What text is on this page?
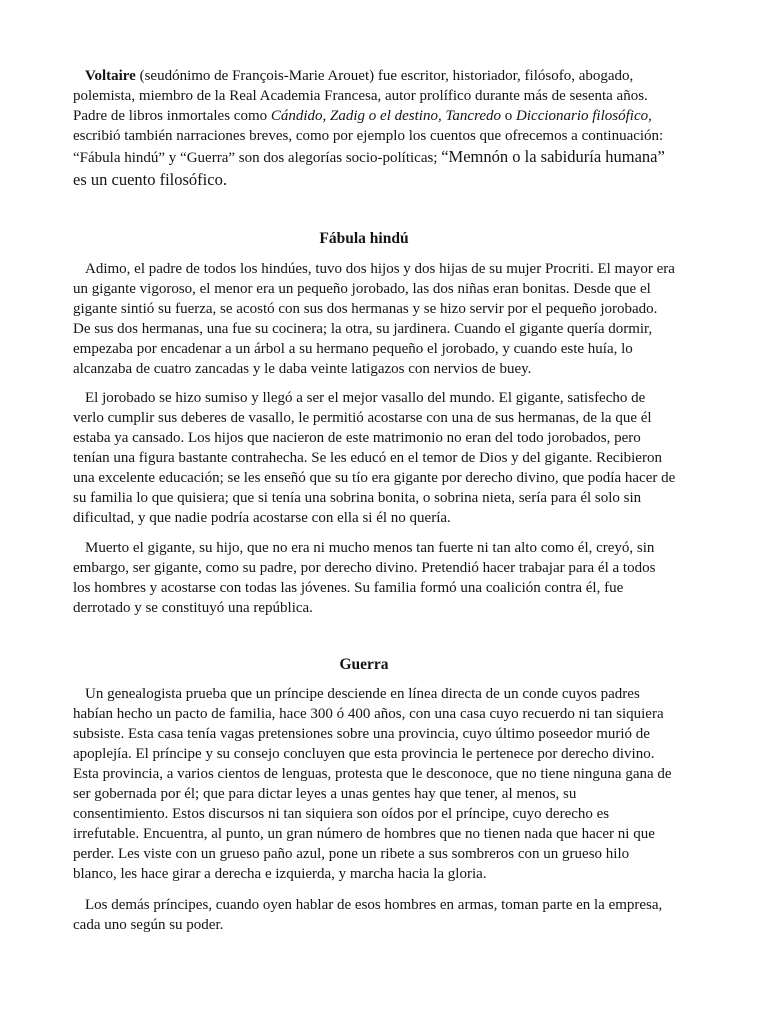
Voltaire (seudónimo de François-Marie Arouet) fue escritor, historiador, filósofo, abogado,
polemista, miembro de la Real Academia Francesa, autor prolífico durante más de sesenta años.
Padre de libros inmortales como Cándido, Zadig o el destino, Tancredo o Diccionario filosófico,
escribió también narraciones breves, como por ejemplo los cuentos que ofrecemos a continuación:
“Fábula hindú” y “Guerra” son dos alegorías socio-políticas; “Memnón o la sabiduría humana”
es un cuento filosófico.
Fábula hindú
Adimo, el padre de todos los hindúes, tuvo dos hijos y dos hijas de su mujer Procriti. El mayor era
un gigante vigoroso, el menor era un pequeño jorobado, las dos niñas eran bonitas. Desde que el
gigante sintió su fuerza, se acostó con sus dos hermanas y se hizo servir por el pequeño jorobado.
De sus dos hermanas, una fue su cocinera; la otra, su jardinera. Cuando el gigante quería dormir,
empezaba por encadenar a un árbol a su hermano pequeño el jorobado, y cuando este huía, lo
alcanzaba de cuatro zancadas y le daba veinte latigazos con nervios de buey.
El jorobado se hizo sumiso y llegó a ser el mejor vasallo del mundo. El gigante, satisfecho de
verlo cumplir sus deberes de vasallo, le permitió acostarse con una de sus hermanas, de la que él
estaba ya cansado. Los hijos que nacieron de este matrimonio no eran del todo jorobados, pero
tenían una figura bastante contrahecha. Se les educó en el temor de Dios y del gigante. Recibieron
una excelente educación; se les enseñó que su tío era gigante por derecho divino, que podía hacer de
su familia lo que quisiera; que si tenía una sobrina bonita, o sobrina nieta, sería para él solo sin
dificultad, y que nadie podría acostarse con ella si él no quería.
Muerto el gigante, su hijo, que no era ni mucho menos tan fuerte ni tan alto como él, creyó, sin
embargo, ser gigante, como su padre, por derecho divino. Pretendió hacer trabajar para él a todos
los hombres y acostarse con todas las jóvenes. Su familia formó una coalición contra él, fue
derrotado y se constituyó una república.
Guerra
Un genealogista prueba que un príncipe desciende en línea directa de un conde cuyos padres
habían hecho un pacto de familia, hace 300 ó 400 años, con una casa cuyo recuerdo ni tan siquiera
subsiste. Esta casa tenía vagas pretensiones sobre una provincia, cuyo último poseedor murió de
apoplejía. El príncipe y su consejo concluyen que esta provincia le pertenece por derecho divino.
Esta provincia, a varios cientos de lenguas, protesta que le desconoce, que no tiene ninguna gana de
ser gobernada por él; que para dictar leyes a unas gentes hay que tener, al menos, su
consentimiento. Estos discursos ni tan siquiera son oídos por el príncipe, cuyo derecho es
irrefutable. Encuentra, al punto, un gran número de hombres que no tienen nada que hacer ni que
perder. Les viste con un grueso paño azul, pone un ribete a sus sombreros con un grueso hilo
blanco, les hace girar a derecha e izquierda, y marcha hacia la gloria.
Los demás príncipes, cuando oyen hablar de esos hombres en armas, toman parte en la empresa,
cada uno según su poder.
